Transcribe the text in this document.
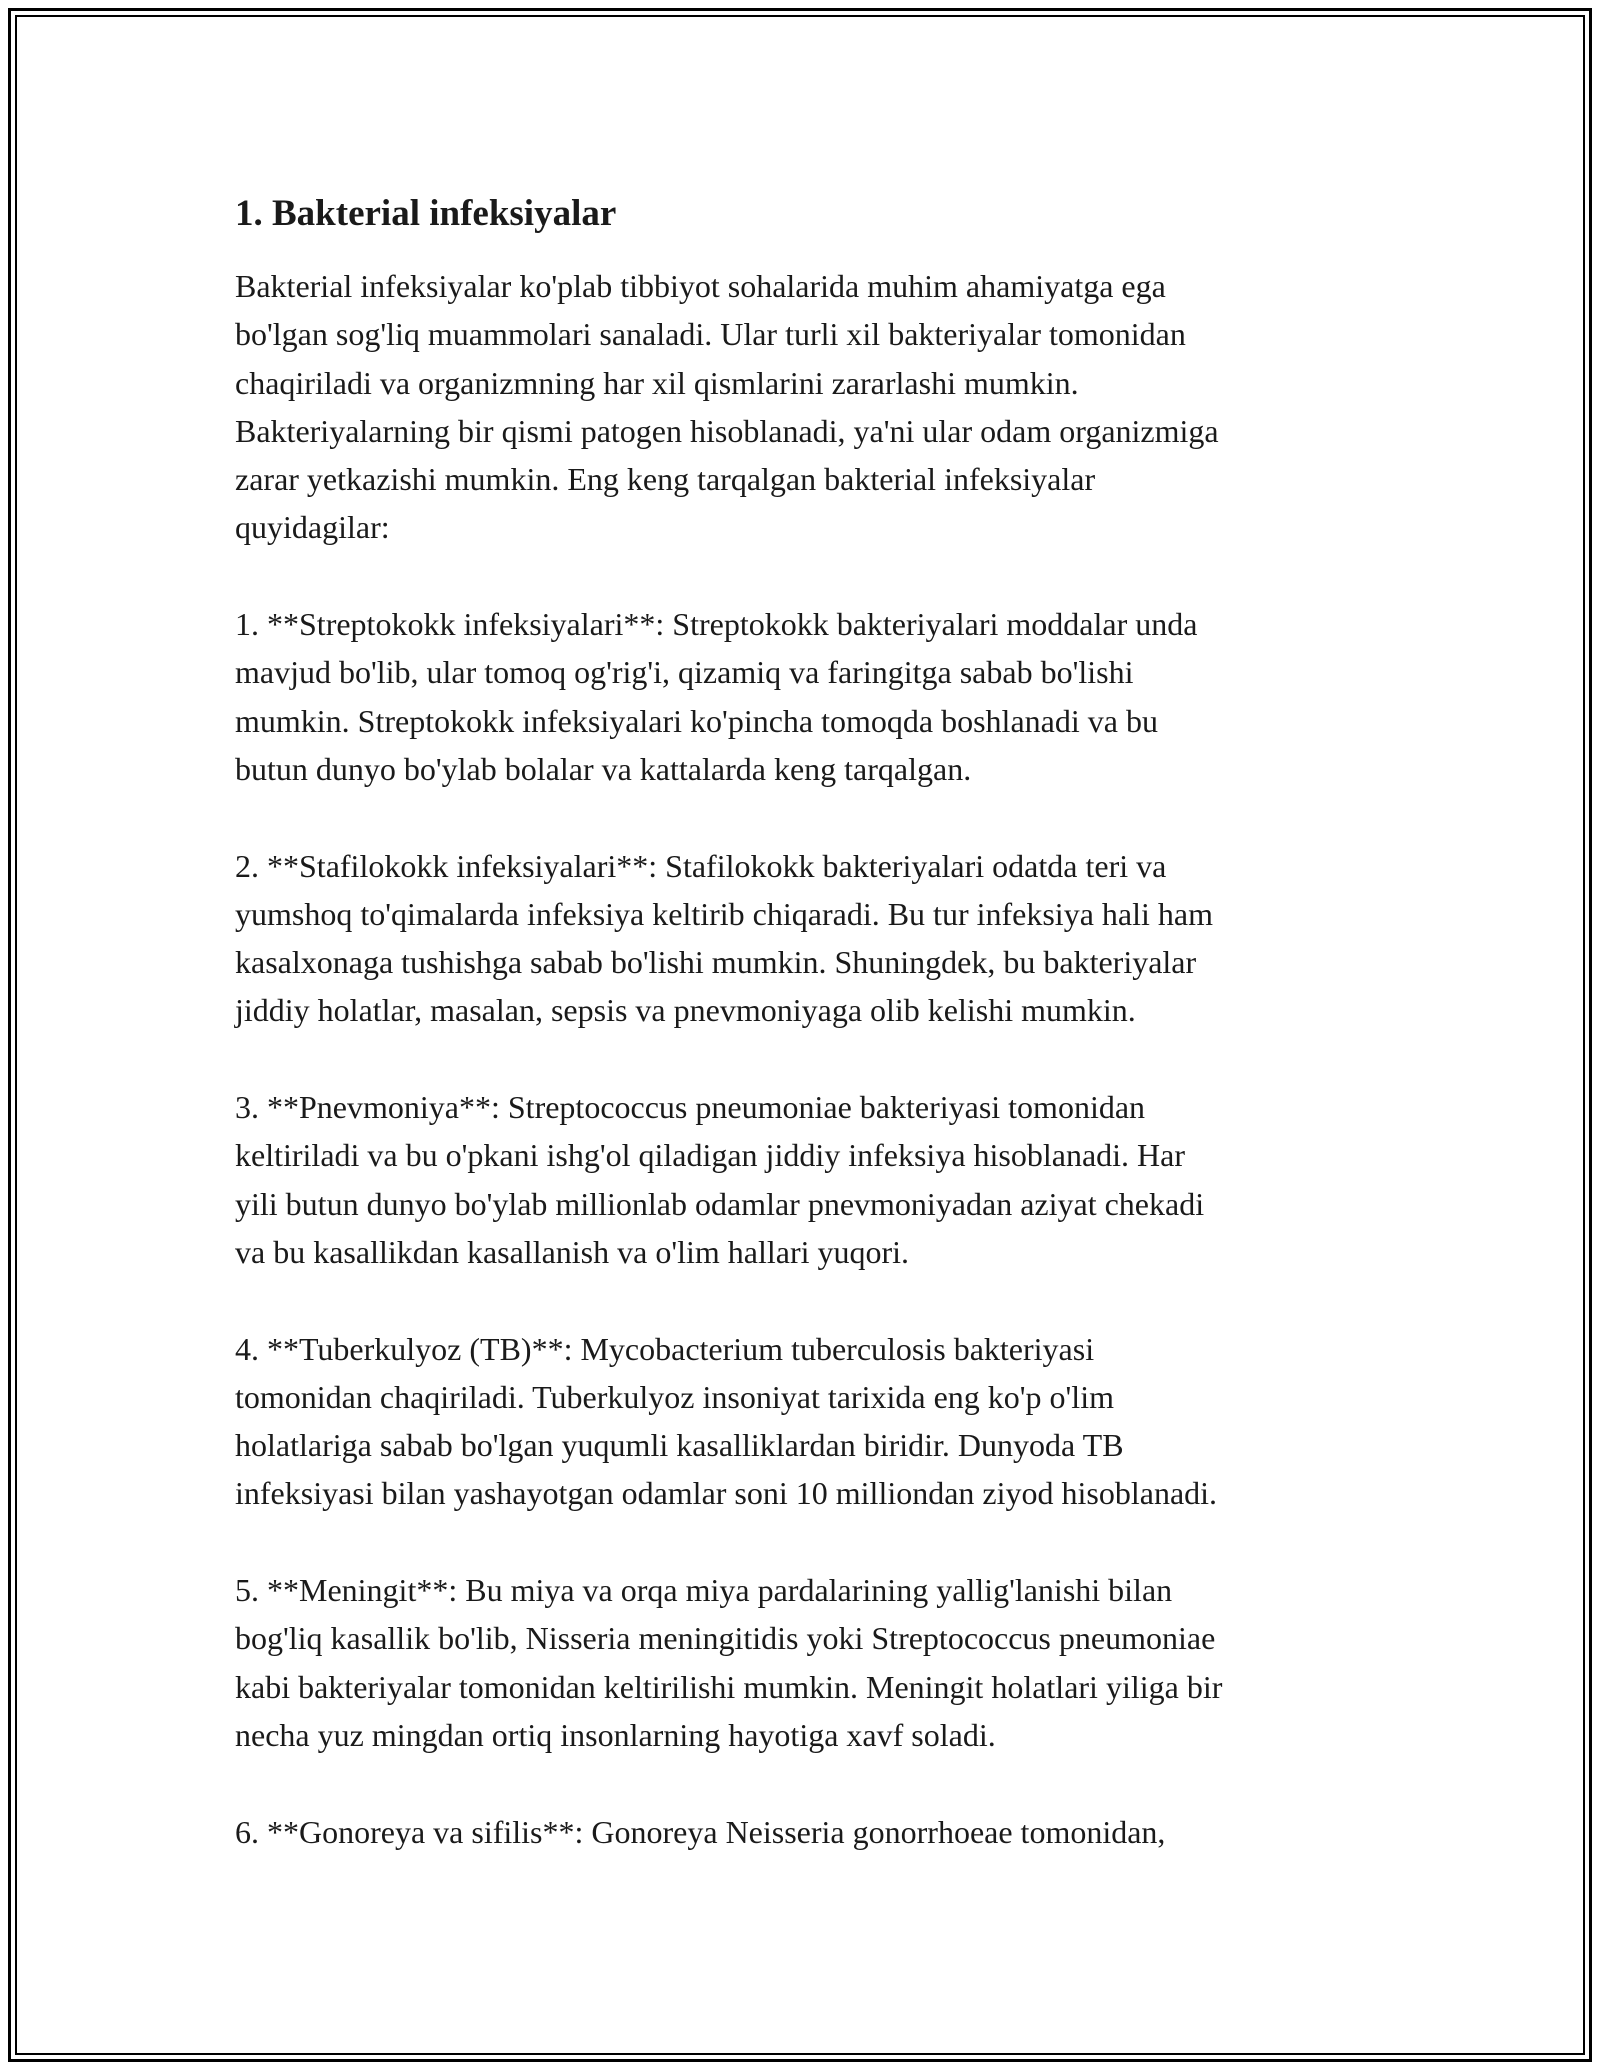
1. Bakterial infeksiyalar

Bakterial infeksiyalar ko'plab tibbiyot sohalarida muhim ahamiyatga ega
bo'lgan sog'liq muammolari sanaladi. Ular turli xil bakteriyalar tomonidan
chaqiriladi va organizmning har xil qismlarini zararlashi mumkin.
Bakteriyalarning bir qismi patogen hisoblanadi, ya'ni ular odam organizmiga
zarar yetkazishi mumkin. Eng keng tarqalgan bakterial infeksiyalar
quyidagilar:

1. **Streptokokk infeksiyalari**: Streptokokk bakteriyalari moddalar unda
mavjud bo'lib, ular tomoq og'rig'i, qizamiq va faringitga sabab bo'lishi
mumkin. Streptokokk infeksiyalari ko'pincha tomoqda boshlanadi va bu
butun dunyo bo'ylab bolalar va kattalarda keng tarqalgan.

2. **Stafilokokk infeksiyalari**: Stafilokokk bakteriyalari odatda teri va
yumshoq to'qimalarda infeksiya keltirib chiqaradi. Bu tur infeksiya hali ham
kasalxonaga tushishga sabab bo'lishi mumkin. Shuningdek, bu bakteriyalar
jiddiy holatlar, masalan, sepsis va pnevmoniyaga olib kelishi mumkin.

3. **Pnevmoniya**: Streptococcus pneumoniae bakteriyasi tomonidan
keltiriladi va bu o'pkani ishg'ol qiladigan jiddiy infeksiya hisoblanadi. Har
yili butun dunyo bo'ylab millionlab odamlar pnevmoniyadan aziyat chekadi
va bu kasallikdan kasallanish va o'lim hallari yuqori.

4. **Tuberkulyoz (TB)**: Mycobacterium tuberculosis bakteriyasi
tomonidan chaqiriladi. Tuberkulyoz insoniyat tarixida eng ko'p o'lim
holatlariga sabab bo'lgan yuqumli kasalliklardan biridir. Dunyoda TB
infeksiyasi bilan yashayotgan odamlar soni 10 milliondan ziyod hisoblanadi.

5. **Meningit**: Bu miya va orqa miya pardalarining yallig'lanishi bilan
bog'liq kasallik bo'lib, Nisseria meningitidis yoki Streptococcus pneumoniae
kabi bakteriyalar tomonidan keltirilishi mumkin. Meningit holatlari yiliga bir
necha yuz mingdan ortiq insonlarning hayotiga xavf soladi.

6. **Gonoreya va sifilis**: Gonoreya Neisseria gonorrhoeae tomonidan,
